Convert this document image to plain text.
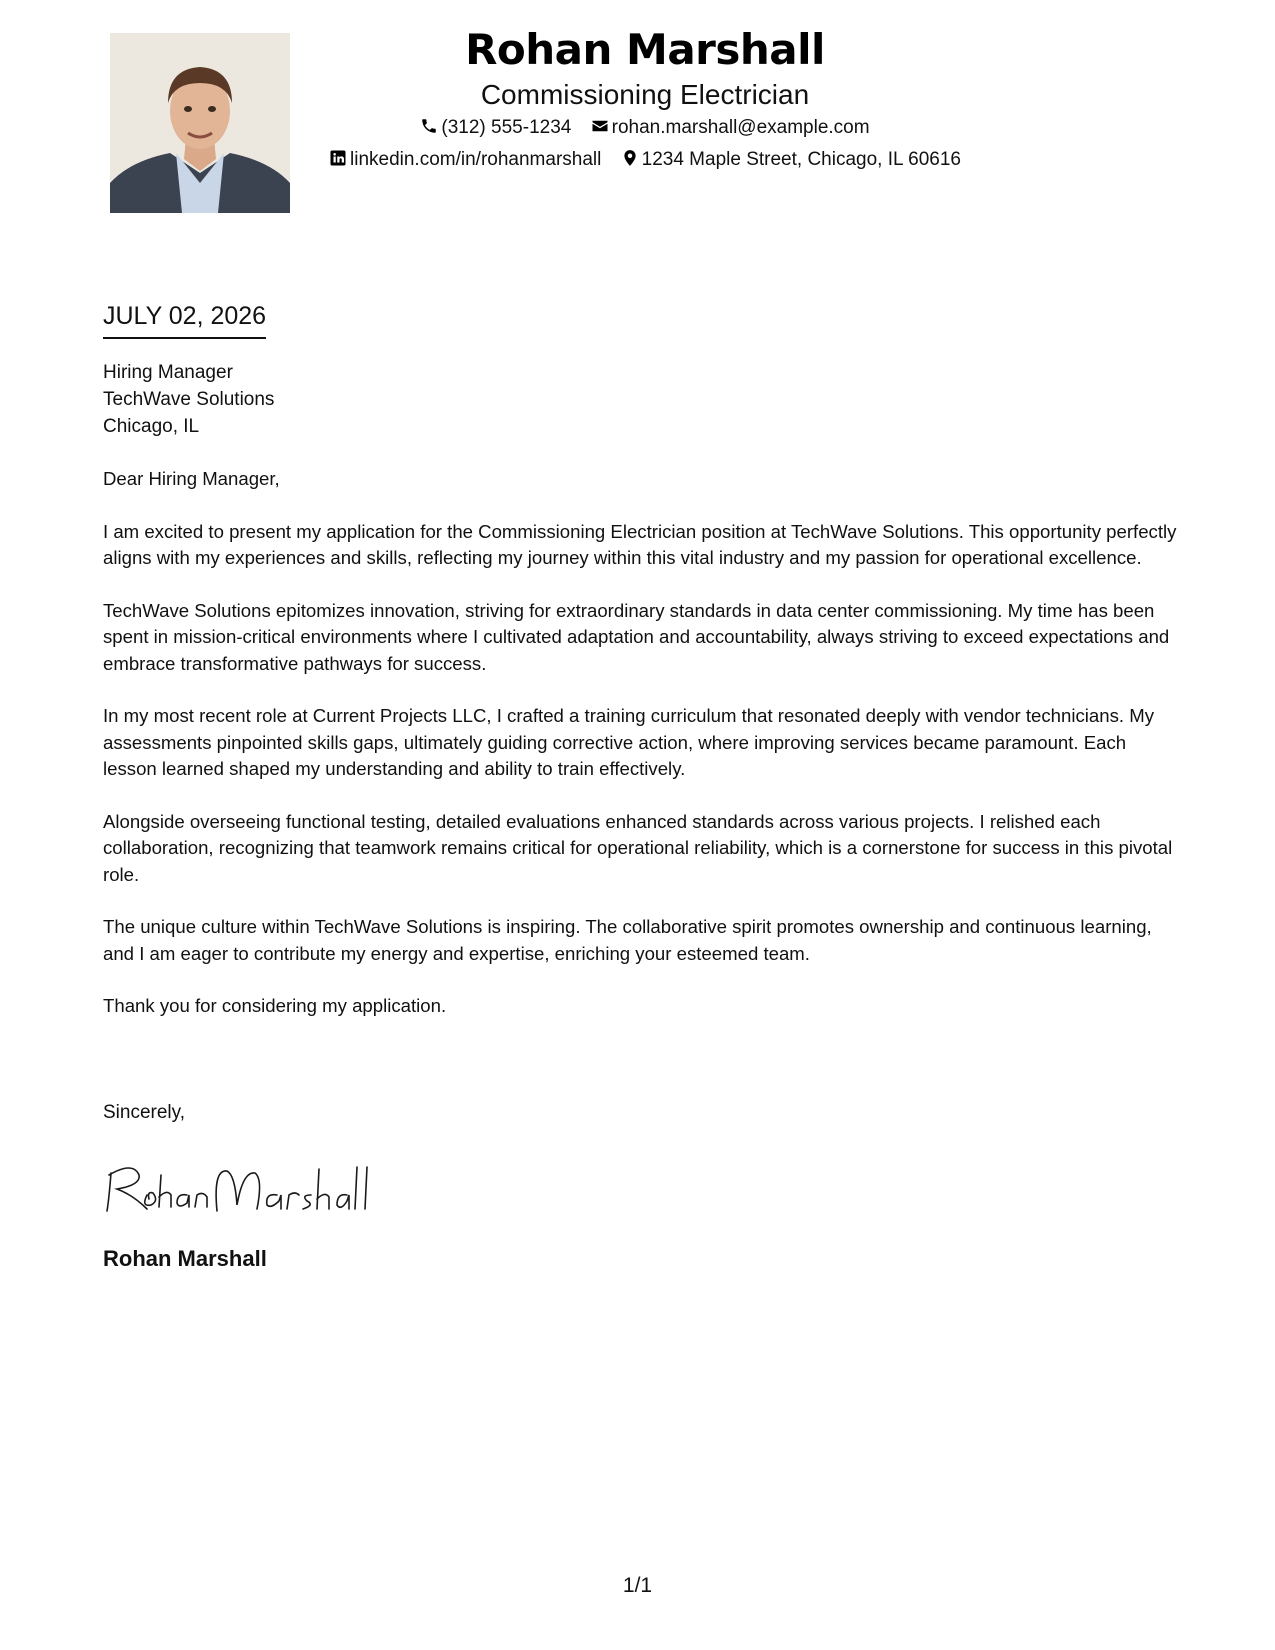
Rohan Marshall
Commissioning Electrician
(312) 555-1234 rohan.marshall@example.com
linkedin.com/in/rohanmarshall 1234 Maple Street, Chicago, IL 60616
JULY 02, 2026
Hiring Manager
TechWave Solutions
Chicago, IL

Dear Hiring Manager,

I am excited to present my application for the Commissioning Electrician position at TechWave Solutions. This opportunity perfectly aligns with my experiences and skills, reflecting my journey within this vital industry and my passion for operational excellence.

TechWave Solutions epitomizes innovation, striving for extraordinary standards in data center commissioning. My time has been spent in mission-critical environments where I cultivated adaptation and accountability, always striving to exceed expectations and embrace transformative pathways for success.

In my most recent role at Current Projects LLC, I crafted a training curriculum that resonated deeply with vendor technicians. My assessments pinpointed skills gaps, ultimately guiding corrective action, where improving services became paramount. Each lesson learned shaped my understanding and ability to train effectively.

Alongside overseeing functional testing, detailed evaluations enhanced standards across various projects. I relished each collaboration, recognizing that teamwork remains critical for operational reliability, which is a cornerstone for success in this pivotal role.

The unique culture within TechWave Solutions is inspiring. The collaborative spirit promotes ownership and continuous learning, and I am eager to contribute my energy and expertise, enriching your esteemed team.

Thank you for considering my application.

Sincerely,
Rohan Marshall
1/1
